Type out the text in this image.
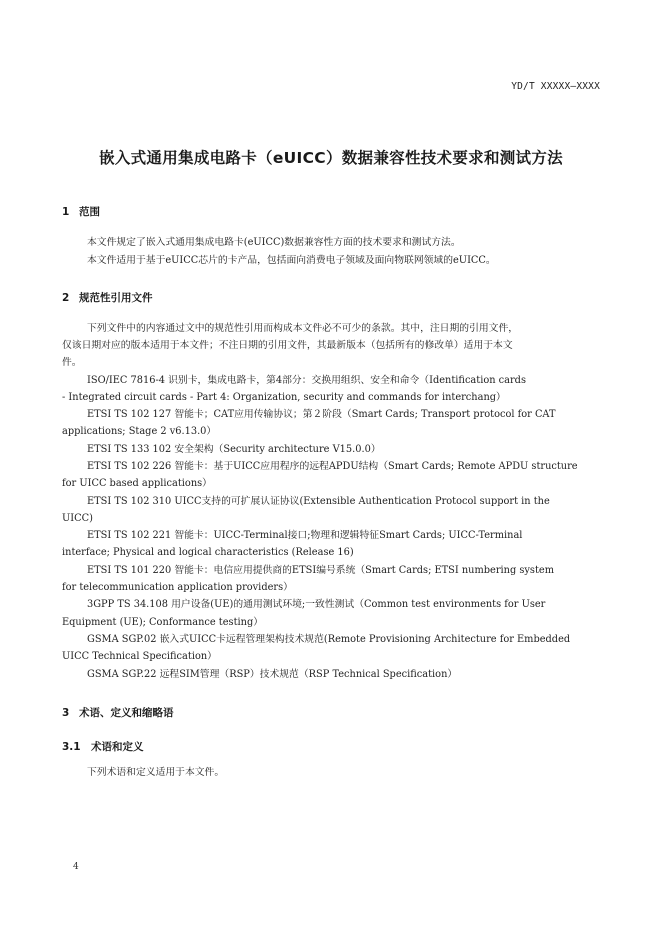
YD/T XXXXX—XXXX
嵌入式通用集成电路卡（eUICC）数据兼容性技术要求和测试方法
1 范围
本文件规定了嵌入式通用集成电路卡(eUICC)数据兼容性方面的技术要求和测试方法。
本文件适用于基于eUICC芯片的卡产品，包括面向消费电子领域及面向物联网领域的eUICC。
2 规范性引用文件
下列文件中的内容通过文中的规范性引用而构成本文件必不可少的条款。其中，注日期的引用文件，
仅该日期对应的版本适用于本文件；不注日期的引用文件，其最新版本（包括所有的修改单）适用于本文
件。
ISO/IEC 7816-4 识别卡，集成电路卡，第4部分：交换用组织、安全和命令（Identification cards
- Integrated circuit cards - Part 4: Organization, security and commands for interchang）
ETSI TS 102 127 智能卡；CAT应用传输协议；第２阶段（Smart Cards; Transport protocol for CAT
applications; Stage 2 v6.13.0）
ETSI TS 133 102 安全架构（Security architecture V15.0.0）
ETSI TS 102 226 智能卡：基于UICC应用程序的远程APDU结构（Smart Cards; Remote APDU structure
for UICC based applications）
ETSI TS 102 310 UICC支持的可扩展认证协议(Extensible Authentication Protocol support in the
UICC)
ETSI TS 102 221 智能卡：UICC-Terminal接口;物理和逻辑特征Smart Cards; UICC-Terminal
interface; Physical and logical characteristics (Release 16)
ETSI TS 101 220 智能卡：电信应用提供商的ETSI编号系统（Smart Cards; ETSI numbering system
for telecommunication application providers）
3GPP TS 34.108 用户设备(UE)的通用测试环境;一致性测试（Common test environments for User
Equipment (UE); Conformance testing）
GSMA SGP.02 嵌入式UICC卡远程管理架构技术规范(Remote Provisioning Architecture for Embedded
UICC Technical Specification）
GSMA SGP.22 远程SIM管理（RSP）技术规范（RSP Technical Specification）
3 术语、定义和缩略语
3.1 术语和定义
下列术语和定义适用于本文件。
4
